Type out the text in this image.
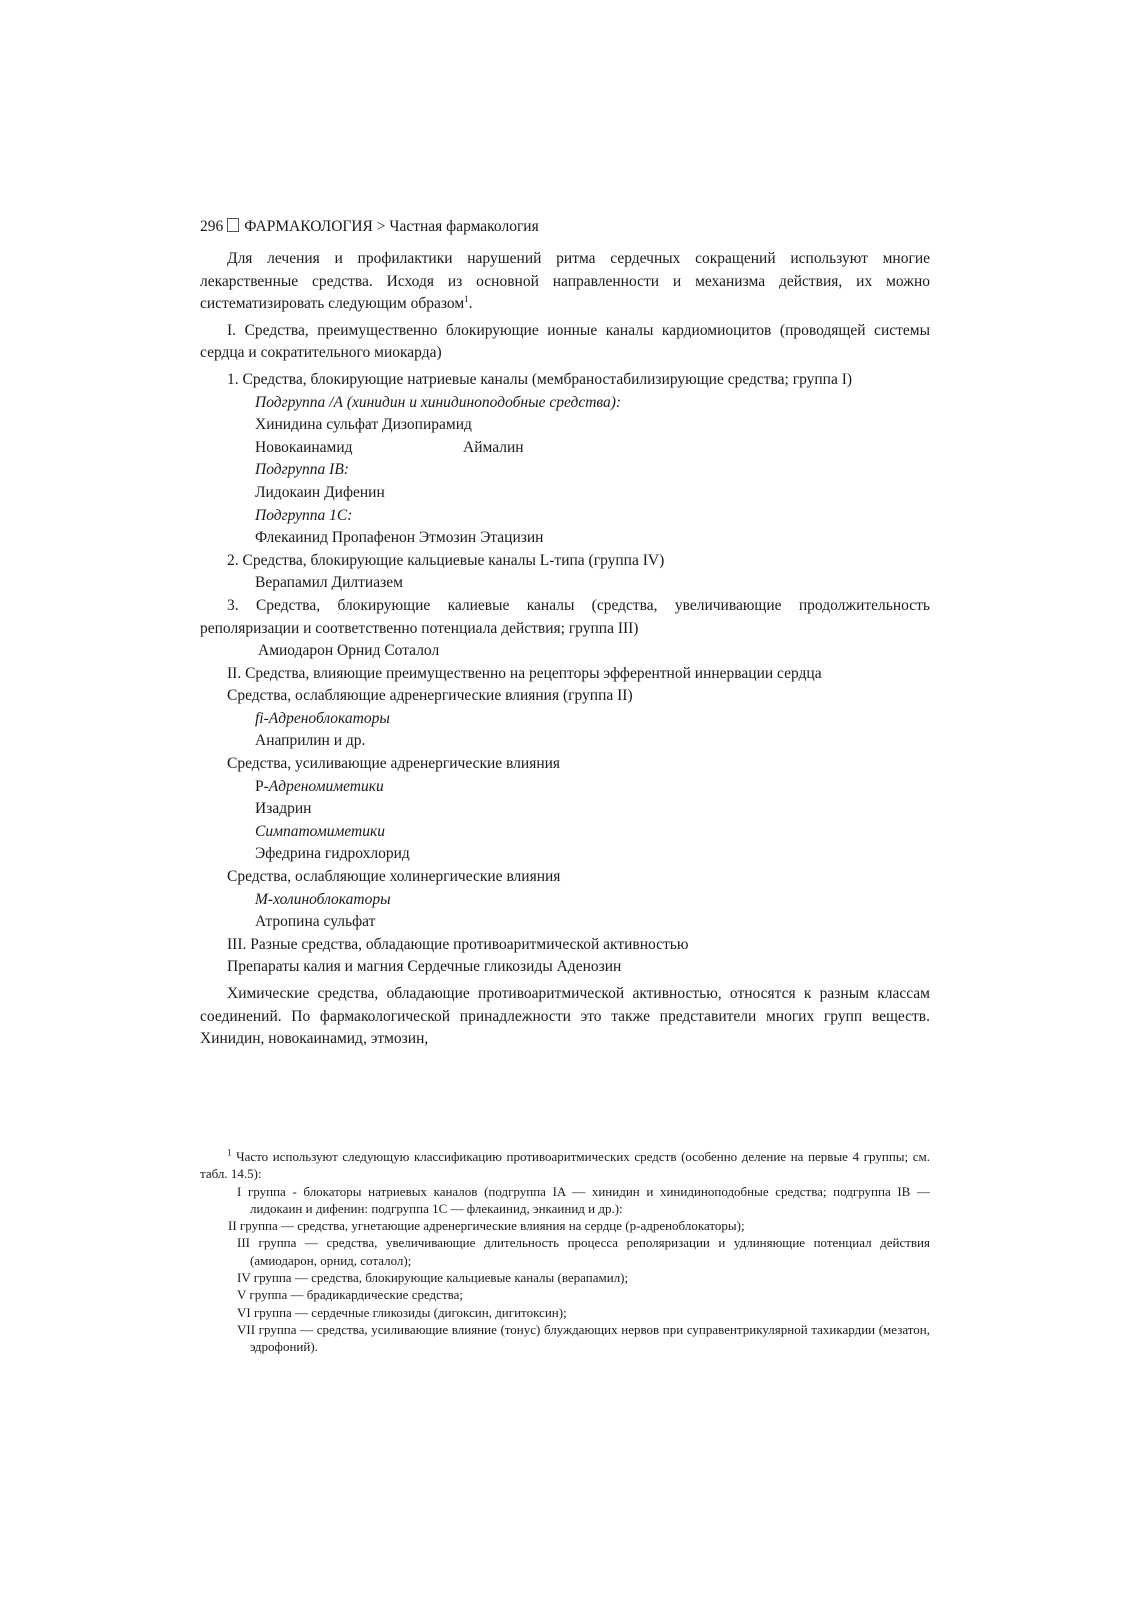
296 ФАРМАКОЛОГИЯ > Частная фармакология

Для лечения и профилактики нарушений ритма сердечных сокращений используют многие лекарственные средства. Исходя из основной направленности и механизма действия, их можно систематизировать следующим образом$^1$.

I. Средства, преимущественно блокирующие ионные каналы кардиомиоцитов (проводящей системы сердца и сократительного миокарда)

1. Средства, блокирующие натриевые каналы (мембраностабилизирующие средства; группа I)

Подгруппа /А (хинидин и хинидиноподобные средства):

Хинидина сульфат Дизопирамид

Новокаинамид	Аймалин

Подгруппа IB:

Лидокаин Дифенин

Подгруппа 1С:

Флекаинид Пропафенон Этмозин Этацизин

2. Средства, блокирующие кальциевые каналы L-типа (группа IV)

Верапамил Дилтиазем

3. Средства, блокирующие калиевые каналы (средства, увеличивающие продолжительность реполяризации и соответственно потенциала действия; группа III)

Амиодарон Орнид Соталол

II. Средства, влияющие преимущественно на рецепторы эфферентной иннервации сердца

Средства, ослабляющие адренергические влияния (группа II)

fi-Адреноблокаторы

Анаприлин и др.

Средства, усиливающие адренергические влияния

Р-Адреномиметики

Изадрин

Симпатомиметики

Эфедрина гидрохлорид

Средства, ослабляющие холинергические влияния

М-холиноблокаторы

Атропина сульфат

III. Разные средства, обладающие противоаритмической активностью

Препараты калия и магния Сердечные гликозиды Аденозин

Химические средства, обладающие противоаритмической активностью, относятся к разным классам соединений. По фармакологической принадлежности это также представители многих групп веществ. Хинидин, новокаинамид, этмозин,

$^1$ Часто используют следующую классификацию противоаритмических средств (особенно деление на первые 4 группы; см. табл. 14.5):

I группа - блокаторы натриевых каналов (подгруппа IA — хинидин и хинидиноподобные средства; подгруппа IB — лидокаин и дифенин: подгруппа 1C — флекаинид, энкаинид и др.):

II группа — средства, угнетающие адренергические влияния на сердце (р-адреноблокаторы);

III группа — средства, увеличивающие длительность процесса реполяризации и удлиняющие потенциал действия (амиодарон, орнид, соталол);

IV группа — средства, блокирующие кальциевые каналы (верапамил);

V группа — брадикардические средства;

VI группа — сердечные гликозиды (дигоксин, дигитоксин);

VII группа — средства, усиливающие влияние (тонус) блуждающих нервов при суправентрикулярной тахикардии (мезатон, эдрофоний).
